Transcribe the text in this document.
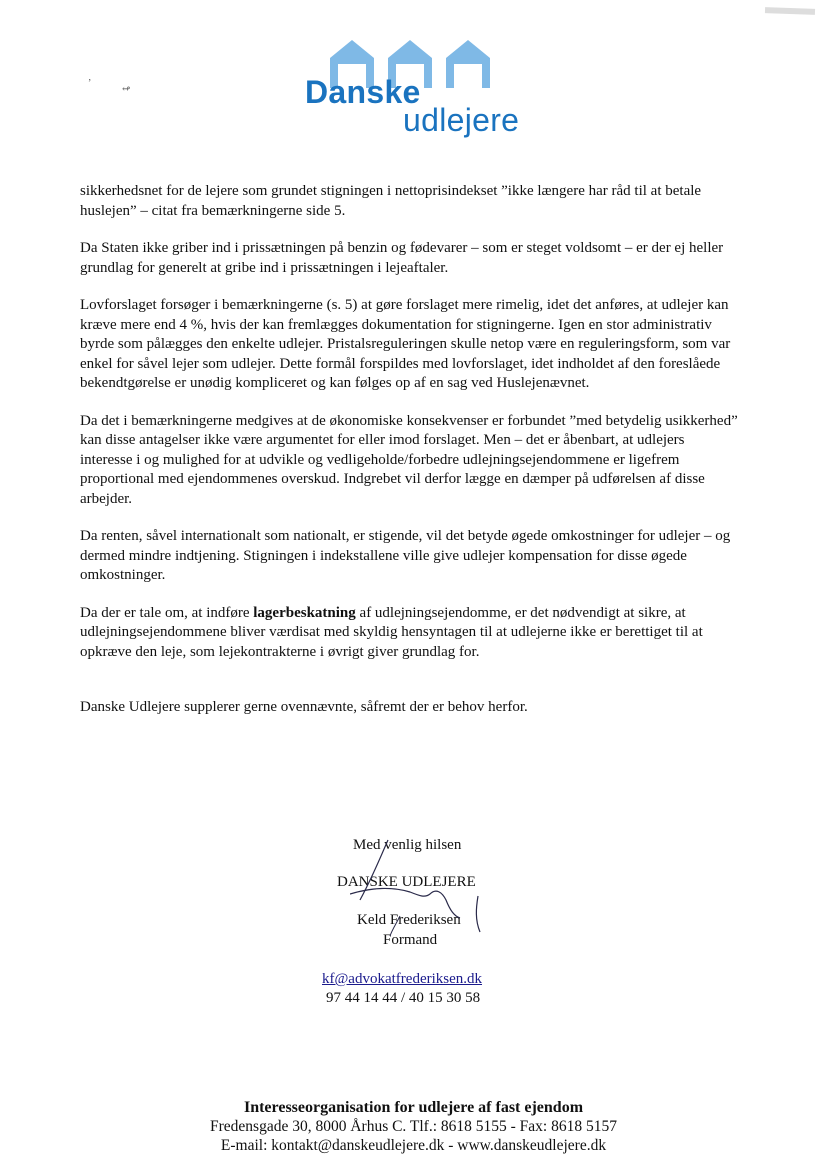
ʼ
↫	Danske
udlejere

sikkerhedsnet for de lejere som grundet stigningen i nettoprisindekset ”ikke længere har råd til at betale huslejen” – citat fra bemærkningerne side 5.

Da Staten ikke griber ind i prissætningen på benzin og fødevarer – som er steget voldsomt – er der ej heller grundlag for generelt at gribe ind i prissætningen i lejeaftaler.

Lovforslaget forsøger i bemærkningerne (s. 5) at gøre forslaget mere rimelig, idet det anføres, at udlejer kan kræve mere end 4 %, hvis der kan fremlægges dokumentation for stigningerne. Igen en stor administrativ byrde som pålægges den enkelte udlejer. Pristalsreguleringen skulle netop være en reguleringsform, som var enkel for såvel lejer som udlejer. Dette formål forspildes med lovforslaget, idet indholdet af den foreslåede bekendtgørelse er unødig kompliceret og kan følges op af en sag ved Huslejenævnet.

Da det i bemærkningerne medgives at de økonomiske konsekvenser er forbundet ”med betydelig usikkerhed” kan disse antagelser ikke være argumentet for eller imod forslaget. Men – det er åbenbart, at udlejers interesse i og mulighed for at udvikle og vedligeholde/forbedre udlejningsejendommene er ligefrem proportional med ejendommenes overskud. Indgrebet vil derfor lægge en dæmper på udførelsen af disse arbejder.

Da renten, såvel internationalt som nationalt, er stigende, vil det betyde øgede omkostninger for udlejer – og dermed mindre indtjening. Stigningen i indekstallene ville give udlejer kompensation for disse øgede omkostninger.

Da der er tale om, at indføre lagerbeskatning af udlejningsejendomme, er det nødvendigt at sikre, at udlejningsejendommene bliver værdisat med skyldig hensyntagen til at udlejerne ikke er berettiget til at opkræve den leje, som lejekontrakterne i øvrigt giver grundlag for.

Danske Udlejere supplerer gerne ovennævnte, såfremt der er behov herfor.

Med venlig hilsen
DANSKE UDLEJERE
Keld Frederiksen
Formand
kf@advokatfrederiksen.dk
97 44 14 44 / 40 15 30 58
Interesseorganisation for udlejere af fast ejendom
Fredensgade 30, 8000 Århus C. Tlf.: 8618 5155 - Fax: 8618 5157
E-mail: kontakt@danskeudlejere.dk - www.danskeudlejere.dk
